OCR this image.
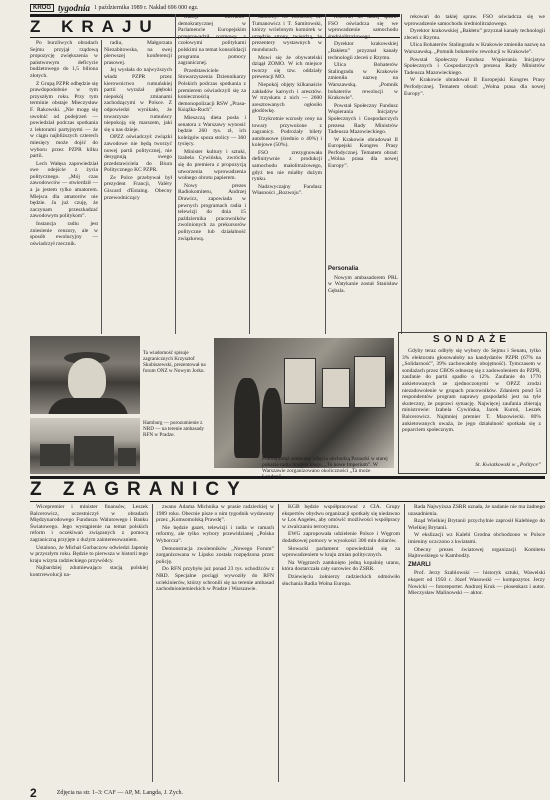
KROG tygodnia 1 października 1989 r. Nakład 696 000 egz.
Z KRAJU

Po burzliwych obradach Sejmu przyjął rządową propozycję zwiększenia w państwowym deficycie budżetowego do 1,5 biliona złotych.

Z Grupą PZPR odbędzie się prawdopodobnie w tym przyszłym roku. Przy tym terminie obstaje Mieczysław F. Rakowski. „Nie mogę się uwolnić od podejrzeń — powiedział podczas spotkania z lektorami partyjnymi — że w ciągu najbliższych czterech miesięcy może dojść do wyboru przez PZPR kilku partii.

Lech Wałęsa zapowiedział swe odejście z życia politycznego. „Mój czas zawodowców — stwierdził — a ja jestem tylko amatorem. Miejsca dla amatorów nie będzie. Ja już czuję, że zaczynam przeszkadzać zawodowym politykom”.

Instancja radiu jest zniesienie cenzury, ale w sposób ewolucyjny — oświadczył rzecznik.

radiu, Małgorzata Niezabitowska, na swej pierwszej konferencji prasowej.

Jej wysłała do najwyższych władz PZPR przez kierownictwo rumuńskiej partii wyrażał głęboki niepokój zmianami zachodzącymi w Polsce. Z odpowiedzi wynikało, że towarzysze rumuńscy niepokoją się marszem, jaki się u nas dzieje.

OPZZ oświadczył: związki zawodowe nie będą tworzyć nowej partii politycznej, nie desygnują swego przedstawiciela do Biura Politycznego KC PZPR.

Ze Polce przebywał był prezydent Francji, Valéry Giscard d'Estaing. Obecny przewodniczący

frakcji liberalno-demokratycznej w Parlamencie Europejskim przeprowadził rozmowy z czołowymi politykami polskimi na temat konsolidacji programu pomocy zagranicznej.

Przedstawiciele Stowarzyszenia Dziennikarzy Polskich podczas spotkania z premierem oświadczyli się za koniecznością demonopolizacji RSW „Prasa-Książka-Ruch”.

Mieszczą dieta posła i senatora z Warszawy wynosić będzie 260 tys. zł, ich koleżgów spoza stolicy — 360 tysięcy.

Minister kultury i sztuki, Izabela Cywińska, zwróciła się do premiera z propozycją utworzenia wprowadzenia wolnego obrotu papierem.

Nowy prezes Radiokomitetu, Andrzej Drawicz, zapowiada w pewnych programach radia i telewizji do dnia 15 października pracowników zwolnionych za prekursorów polityczne lub działalność związkową.

daktorzy: M. Barański, M. Tumanowicz i T. Samitowski, którzy wcielonym komórek w urzędzie strony, twierdzą, że prezentery wystawnych w mundurach.

Mowi się że obywatelski dziąął ZOMO. W ich miejsce tworzy się tzw. oddziały prewencji MO.

Niepokój objęty kilkanaście zakładów karnych i aresztów. W trzyskatu z nich — 2600 aresztowanych ogłosiło głodówkę.

Trzykrotnie wzrosły ceny na towary przywożone z zagranicy. Podrożały bilety autobusowe (średnio o 40%) i kolejowe (50%).

FSO zrezygnowała definitywnie z produkcji samochodu małolitrażowego, gdyż ten nie miałby dużym rynku.

Nadzwyczajny Fundusz Własności „Rozwoju”.

rekowań do takiej spraw. FSO oświadcza się we wprowadzenie samochodu średniolitrażowego.

Dyrektor krakowskiej „Bakłetu” przyznał kanały technologii zleceń z Rzymu.

Ulica Bohaterów Stalingradu w Krakowie zmieniła nazwę na Warszawską. „Pomnik bohaterów rewolucji w Krakowie”.

Powstał Społeczny Fundusz Wspierania Inicjatyw Społecznych i Gospodarczych prezesa Rady Ministrów Tadeusza Mazowieckiego.

W Krakowie obradował II Europejski Kongres Prasy Perfodycznej. Tematem obrad: „Wolna prasa dla nowej Europy”.

Personalia

Nowym ambasadorem PRL w Watykanie został Stanisław Gębala.

rekowań do takiej spraw. FSO oświadcza się we wprowadzenie samochodu średniolitrażowego.

Dyrektor krakowskiej „Bakłetu” przyznał kanały technologii zleceń z Rzymu.

Ulica Bohaterów Stalingradu w Krakowie zmieniła nazwę na Warszawską. „Pomnik bohaterów rewolucji w Krakowie”.

Powstał Społeczny Fundusz Wspierania Inicjatyw Społecznych i Gospodarczych prezesa Rady Ministrów Tadeusza Mazowieckiego.

W Krakowie obradował II Europejski Kongres Prasy Perfodycznej. Tematem obrad: „Wolna prasa dla nowej Europy”.

Ta wiadomość spisuje zagranicznych Krzysztof Skubiszewski, prezentował na forum ONZ w Nowym Jorku.
Hamburg — porozumienie z NRD — na terenie ambasady RFN w Pradze.
Fotoreportaż stołeczny zdjęcia obchodzą Paraszki w starej pokazie radia Studenckiego, „To nowe Imperium”. W Warszawie zorganizowano okoliczności „Ta może Londyn”.
SONDAŻE

Gdyby teraz odbyły się wybory do Sejmu i Senatu, tylko 3% elektoratu głosowałoby na kandydatów PZPR (67% na „Solidarność”, 39% zachowałoby obojętność). Tymczasem w sondażach przez CBOS odnoszę się z zadowoleniem do PZPR, zaufanie do partii spadło o 12%. Zaufanie do 1770 ankietowanych ze zjednoczonymi w OPZZ zrodzi niezadowolenie w grupach pracowników. Zdaniem pond 54 respondentów program naprawy gospodarki jest na tyle skuteczny, że poprawi sytuację. Najwięcej zaufania zbierają ministrowie: Izabela Cywińska, Jacek Kuroń, Leszek Balcerowicz. Najmniej premier T. Mazowiecki. 80% ankietowanych uważa, że jego działalność spotkała się z poparciem społecznym.

St. Kwiatkowski w „Polityce”
Z ZAGRANICY

Wicepremier i minister finansów, Leszek Balcerowicz, uczestniczył w obradach Międzynarodowego Funduszu Walutowego i Banku Światowego. Jego wystąpienie na temat polskich reform i oczekiwań związanych z pomocą zagraniczną przyjęte z dużym zainteresowaniem.

Ustalono, że Michał Gorbaczow odwiedzi Japonię w przyszłym roku. Będzie to pierwsza w historii tego kraju wizyta radzieckiego przywódcy.

Najbardziej zdumiewająco stacją polskiej kontrrewolucji na-

zwano Adama Michnika w prasie radzieckiej w 1989 roku. Obecnie pisze o nim tygodnik wydawany przez „Komsomolską Prawdę”.

Nie będzie gazet, telewizji i radia w ramach reformy, ale tylko wybory przewidzianej „Polska Wyborcza”.

Demonstracja zwolenników „Nowego Forum” zorganizowana w Lipsku została rozpędzona przez policję.

Do RFN przybyło już ponad 23 tys. uchodźców z NRD. Specjalne pociągi wywoziły do RFN uciekinierów, którzy schronili się na terenie ambasad zachodnioniemieckich w Pradze i Warszawie.

KGB będzie współpracować z CIA. Grupy ekspertów obydwu organizacji spotkały się niedawno w Los Angeles, aby omówić możliwości współpracy w zwalczaniu terroryzmu.

EWG zapropowała udzielenie Polsce i Węgrom dodatkowej pomocy w wysokości 300 mln dolarów.

Słowacki parlament opowiedział się za wprowadzeniem w kraju zmian politycznych.

Na Węgrzech zamknięto jedną kopalnię uranu, która dostarczała cały surowiec do ZSRR.

Dziewięciu żołnierzy radzieckich odmówiło słuchania Radia Wolna Europa.

Rada Najwyższa ZSRR uznała, że nadanie nie ma żadnego uzasadnienia.

Rząd Wielkiej Brytanii przychylnie zaprosił Kalebiego do Wielkiej Brytanii.

W ekslizacji wz Kalebi Grodna obchodzono w Polsce imieniny uczczono z kwiatami.

Obecny prezes światowej organizacji Komitetu Hajtowskiego w Kambodży.

ZMARLI

Prof. Jerzy Szablowski — historyk sztuki, Wawelski ekspert od 1950 r. Józef Wasowski — kompozytor. Jerzy Nowicki — fotoreporter. Andrzej Kruk — piosenkarz i autor. Mieczysław Malinowski — aktor.

2	Zdjęcia na str. 1–3: CAF — AP, M. Langda, J. Zych.
